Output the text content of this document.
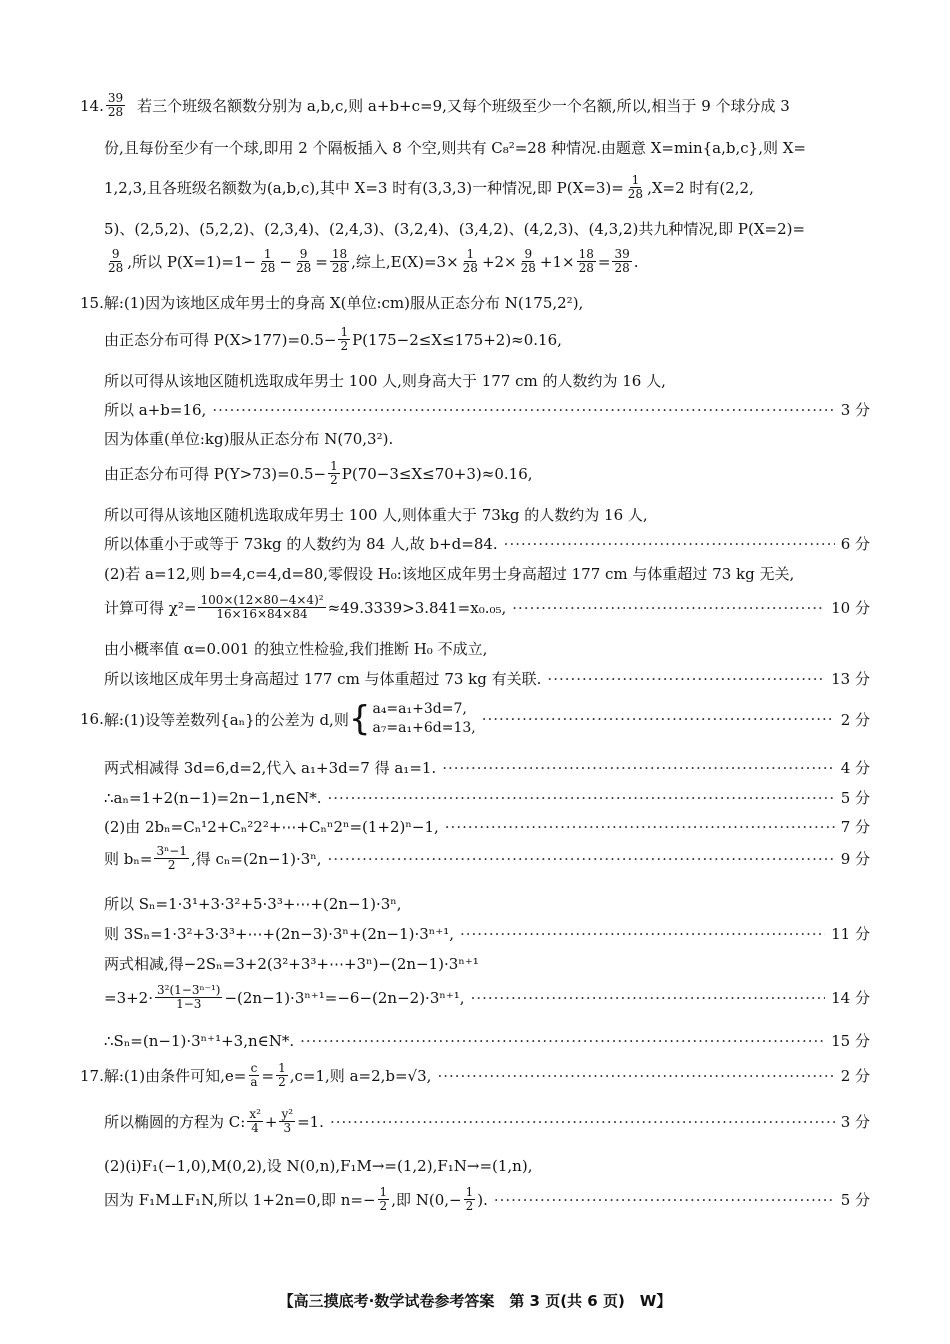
14. $\frac{39}{28}$ 若三个班级名额数分别为 a,b,c,则 a+b+c=9,又每个班级至少一个名额,所以,相当于 9 个球分成 3
份,且每份至少有一个球,即用 2 个隔板插入 8 个空,则共有 C₈²=28 种情况.由题意 X=min{a,b,c},则 X=
1,2,3,且各班级名额数为(a,b,c),其中 X=3 时有(3,3,3)一种情况,即 $P(X=3)= \frac{1}{28} ,X=2$ 时有(2,2,
5)、(2,5,2)、(5,2,2)、(2,3,4)、(2,4,3)、(3,2,4)、(3,4,2)、(4,2,3)、(4,3,2)共九种情况,即 P(X=2)=
$\frac{9}{28}$ ,所以 $P(X=1)=1- \frac{1}{28} - \frac{9}{28} = \frac{18}{28}$ ,综上$,E(X)=3\times \frac{1}{28} +2\times \frac{9}{28} +1\times \frac{18}{28} = \frac{39}{28}$ .
15. 解:(1)因为该地区成年男士的身高 X(单位:cm)服从正态分布 N(175,2²),
由正态分布可得 $P(X>177)=0.5- \frac{1}{2} P(175-2\le X\le 175+2)\approx 0.16$,
所以可得从该地区随机选取成年男士 100 人,则身高大于 177 cm 的人数约为 16 人,
所以 a+b=16, ·····	3 分
因为体重(单位:kg)服从正态分布 N(70,3²).
由正态分布可得 $P(Y>73)=0.5- \frac{1}{2} P(70-3\le X\le 70+3)\approx 0.16$,
所以可得从该地区随机选取成年男士 100 人,则体重大于 73kg 的人数约为 16 人,
所以体重小于或等于 73kg 的人数约为 84 人,故 b+d=84. ·····	6 分
(2)若 a=12,则 b=4,c=4,d=80,零假设 H₀:该地区成年男士身高超过 177 cm 与体重超过 73 kg 无关,
计算可得 $\chi^2= \frac{\text{100×(12×80−4×4)²}}{16\times 16\times 84\times 84} \approx 49.3339>3.841=x_0._{05}$, ·····	10 分
由小概率值 α=0.001 的独立性检验,我们推断 H₀ 不成立,
所以该地区成年男士身高超过 177 cm 与体重超过 73 kg 有关联. ·····	13 分
16. 解:(1)设等差数列{aₙ}的公差为 d,则 { a₄=a₁+3d=7,
a₇=a₁+6d=13, ·····	2 分
两式相减得 3d=6,d=2,代入 a₁+3d=7 得 a₁=1. ·····	4 分
∴aₙ=1+2(n−1)=2n−1,n∈N*. ·····	5 分
(2)由 2bₙ=Cₙ¹2+Cₙ²2²+⋯+Cₙⁿ2ⁿ=(1+2)ⁿ−1, ·····	7 分
则 $b_n= \frac{\text{3ⁿ−1}}{2}$ ,得 cₙ=(2n−1)·3ⁿ, ·····	9 分
所以 Sₙ=1·3¹+3·3²+5·3³+⋯+(2n−1)·3ⁿ,
则 3Sₙ=1·3²+3·3³+⋯+(2n−3)·3ⁿ+(2n−1)·3ⁿ⁺¹, ·····	11 分
两式相减,得−2Sₙ=3+2(3²+3³+⋯+3ⁿ)−(2n−1)·3ⁿ⁺¹
$=3+2\cdot \frac{\text{3²(1−3ⁿ⁻¹)}}{1-3} -(2n-1)\cdot 3^{n+1}=-6-(2n-2)\cdot 3^{n+1}$, ·····	14 分
∴Sₙ=(n−1)·3ⁿ⁺¹+3,n∈N*. ·····	15 分
17. 解:(1)由条件可知$,e= \frac{c}{a} = \frac{1}{2} ,c=1$,则 a=2,b=√3, ·····	2 分
所以椭圆的方程为 C: $\frac{\text{x²}}{4} + \frac{\text{y²}}{3} =1$. ·····	3 分
(2)(ⅰ)F₁(−1,0),M(0,2),设 N(0,n),F₁M→=(1,2),F₁N→=(1,n),
因为 F₁M⊥F₁N,所以 1+2n=0,即 $n=- \frac{1}{2}$ ,即 $N(0,- \frac{1}{2}$ ). ·····	5 分
【高三摸底考·数学试卷参考答案　第 3 页(共 6 页)　W】
